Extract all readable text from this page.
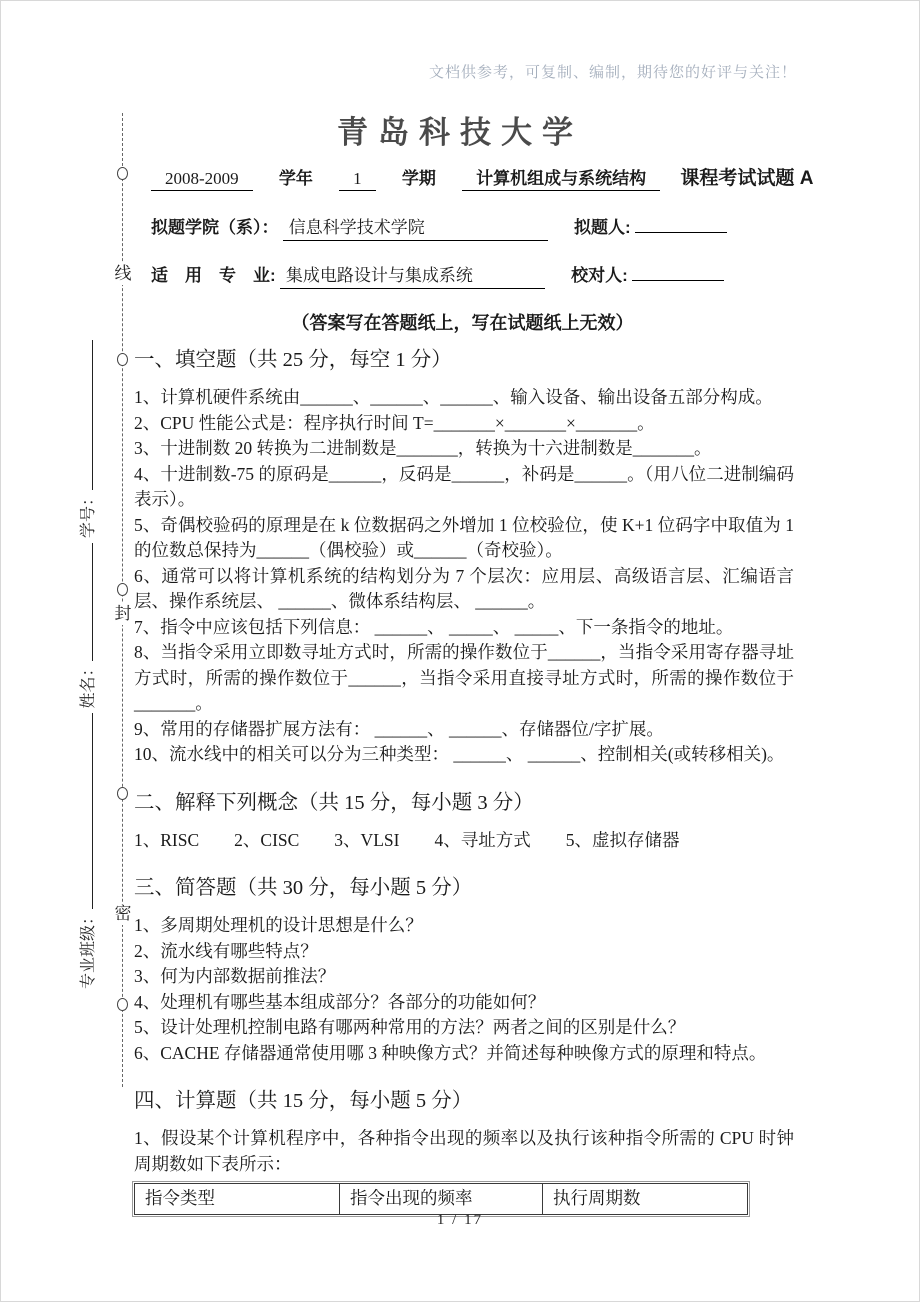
文档供参考，可复制、编制，期待您的好评与关注！
线
封
密
专业班级： 姓名： 学号：
青岛科技大学
2008-2009 学年 1 学期 计算机组成与系统结构 课程考试试题 A
拟题学院（系）： 信息科学技术学院	拟题人:
适　用　专　业: 集成电路设计与集成系统	校对人:
（答案写在答题纸上，写在试题纸上无效）
一、填空题（共 25 分，每空 1 分）

1、计算机硬件系统由______、______、______、输入设备、输出设备五部分构成。

2、CPU 性能公式是：程序执行时间 T=_______×_______×_______。

3、十进制数 20 转换为二进制数是_______，转换为十六进制数是_______。

4、十进制数-75 的原码是______，反码是______，补码是______。（用八位二进制编码表示）。

5、奇偶校验码的原理是在 k 位数据码之外增加 1 位校验位，使 K+1 位码字中取值为 1 的位数总保持为______（偶校验）或______（奇校验）。

6、通常可以将计算机系统的结构划分为 7 个层次：应用层、高级语言层、汇编语言层、操作系统层、 ______、微体系结构层、 ______。

7、指令中应该包括下列信息： ______、 _____、 _____、下一条指令的地址。

8、当指令采用立即数寻址方式时，所需的操作数位于______，当指令采用寄存器寻址方式时，所需的操作数位于______，当指令采用直接寻址方式时，所需的操作数位于_______。

9、常用的存储器扩展方法有： ______、 ______、存储器位/字扩展。

10、流水线中的相关可以分为三种类型： ______、 ______、控制相关(或转移相关)。

二、解释下列概念（共 15 分，每小题 3 分）

1、RISC　　2、CISC　　3、VLSI　　4、寻址方式　　5、虚拟存储器

三、简答题（共 30 分，每小题 5 分）

1、多周期处理机的设计思想是什么？

2、流水线有哪些特点？

3、何为内部数据前推法？

4、处理机有哪些基本组成部分？各部分的功能如何？

5、设计处理机控制电路有哪两种常用的方法？两者之间的区别是什么？

6、CACHE 存储器通常使用哪 3 种映像方式？并简述每种映像方式的原理和特点。

四、计算题（共 15 分，每小题 5 分）

1、假设某个计算机程序中，各种指令出现的频率以及执行该种指令所需的 CPU 时钟周期数如下表所示：

指令类型	指令出现的频率	执行周期数
1 / 17
